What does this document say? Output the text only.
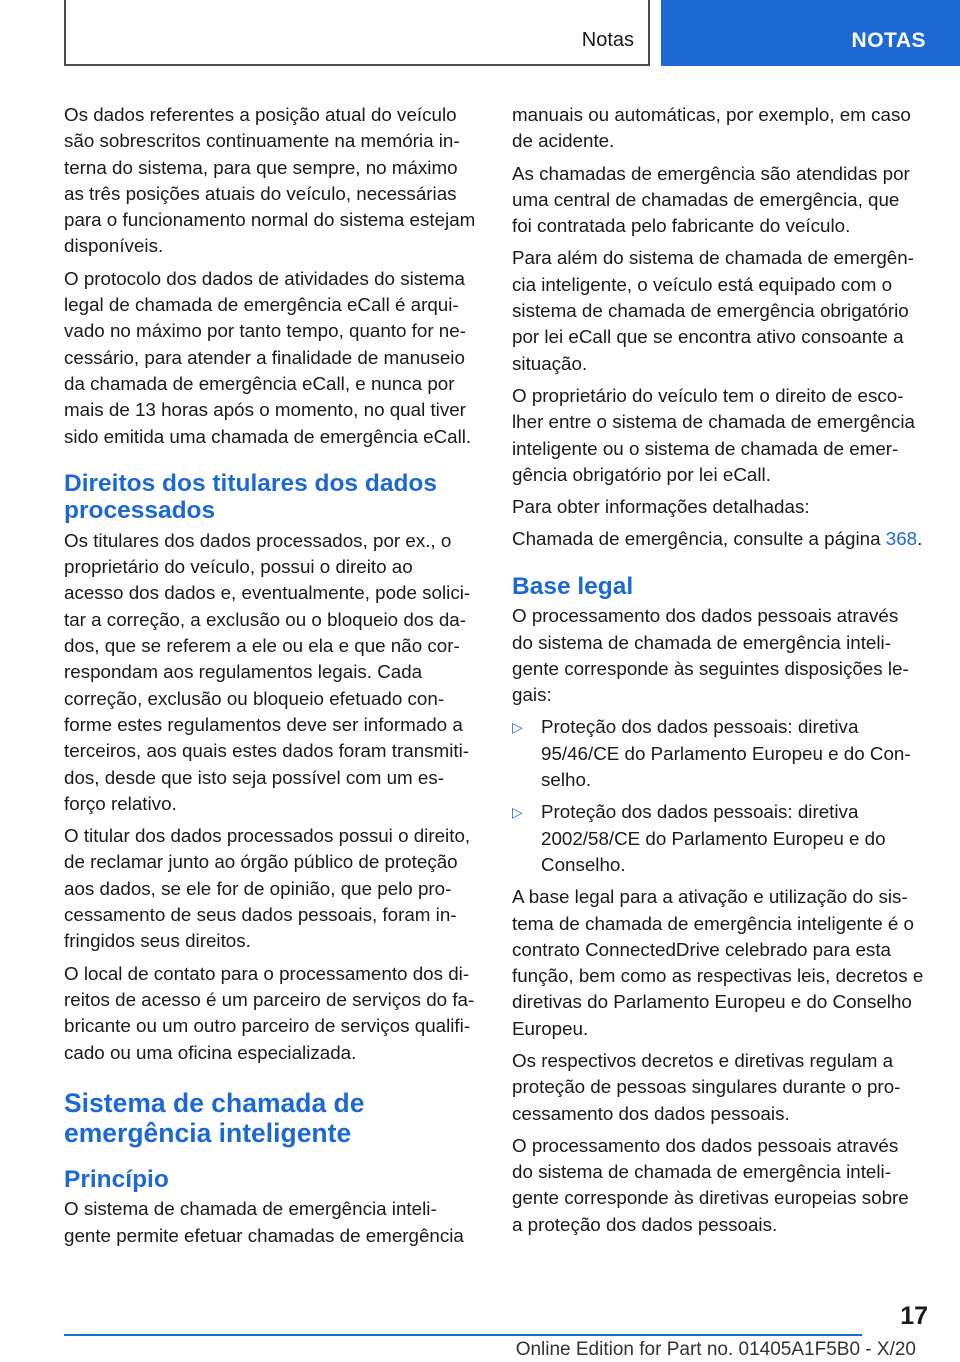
Notas	NOTAS

Os dados referentes a posição atual do veículo são sobrescritos continuamente na memória interna do sistema, para que sempre, no máximo as três posições atuais do veículo, necessárias para o funcionamento normal do sistema estejam disponíveis.

O protocolo dos dados de atividades do sistema legal de chamada de emergência eCall é arquivado no máximo por tanto tempo, quanto for necessário, para atender a finalidade de manuseio da chamada de emergência eCall, e nunca por mais de 13 horas após o momento, no qual tiver sido emitida uma chamada de emergência eCall.

Direitos dos titulares dos dados processados

Os titulares dos dados processados, por ex., o proprietário do veículo, possui o direito ao acesso dos dados e, eventualmente, pode solicitar a correção, a exclusão ou o bloqueio dos dados, que se referem a ele ou ela e que não correspondam aos regulamentos legais. Cada correção, exclusão ou bloqueio efetuado conforme estes regulamentos deve ser informado a terceiros, aos quais estes dados foram transmitidos, desde que isto seja possível com um esforço relativo.

O titular dos dados processados possui o direito, de reclamar junto ao órgão público de proteção aos dados, se ele for de opinião, que pelo processamento de seus dados pessoais, foram infringidos seus direitos.

O local de contato para o processamento dos direitos de acesso é um parceiro de serviços do fabricante ou um outro parceiro de serviços qualificado ou uma oficina especializada.

Sistema de chamada de emergência inteligente
Princípio

O sistema de chamada de emergência inteligente permite efetuar chamadas de emergência

manuais ou automáticas, por exemplo, em caso de acidente.

As chamadas de emergência são atendidas por uma central de chamadas de emergência, que foi contratada pelo fabricante do veículo.

Para além do sistema de chamada de emergência inteligente, o veículo está equipado com o sistema de chamada de emergência obrigatório por lei eCall que se encontra ativo consoante a situação.

O proprietário do veículo tem o direito de escolher entre o sistema de chamada de emergência inteligente ou o sistema de chamada de emergência obrigatório por lei eCall.

Para obter informações detalhadas:

Chamada de emergência, consulte a página 368.

Base legal

O processamento dos dados pessoais através do sistema de chamada de emergência inteligente corresponde às seguintes disposições legais:

▷ Proteção dos dados pessoais: diretiva 95/46/CE do Parlamento Europeu e do Conselho.
▷ Proteção dos dados pessoais: diretiva 2002/58/CE do Parlamento Europeu e do Conselho.

A base legal para a ativação e utilização do sistema de chamada de emergência inteligente é o contrato ConnectedDrive celebrado para esta função, bem como as respectivas leis, decretos e diretivas do Parlamento Europeu e do Conselho Europeu.

Os respectivos decretos e diretivas regulam a proteção de pessoas singulares durante o processamento dos dados pessoais.

O processamento dos dados pessoais através do sistema de chamada de emergência inteligente corresponde às diretivas europeias sobre a proteção dos dados pessoais.

17
Online Edition for Part no. 01405A1F5B0 - X/20
